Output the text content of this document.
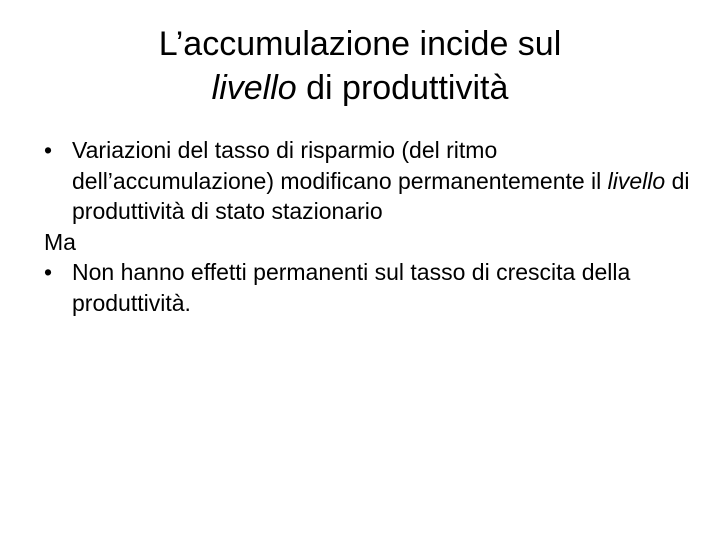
L’accumulazione incide sul
livello di produttività
• Variazioni del tasso di risparmio (del ritmo dell’accumulazione) modificano permanentemente il livello di produttività di stato stazionario
Ma
• Non hanno effetti permanenti sul tasso di crescita della produttività.
